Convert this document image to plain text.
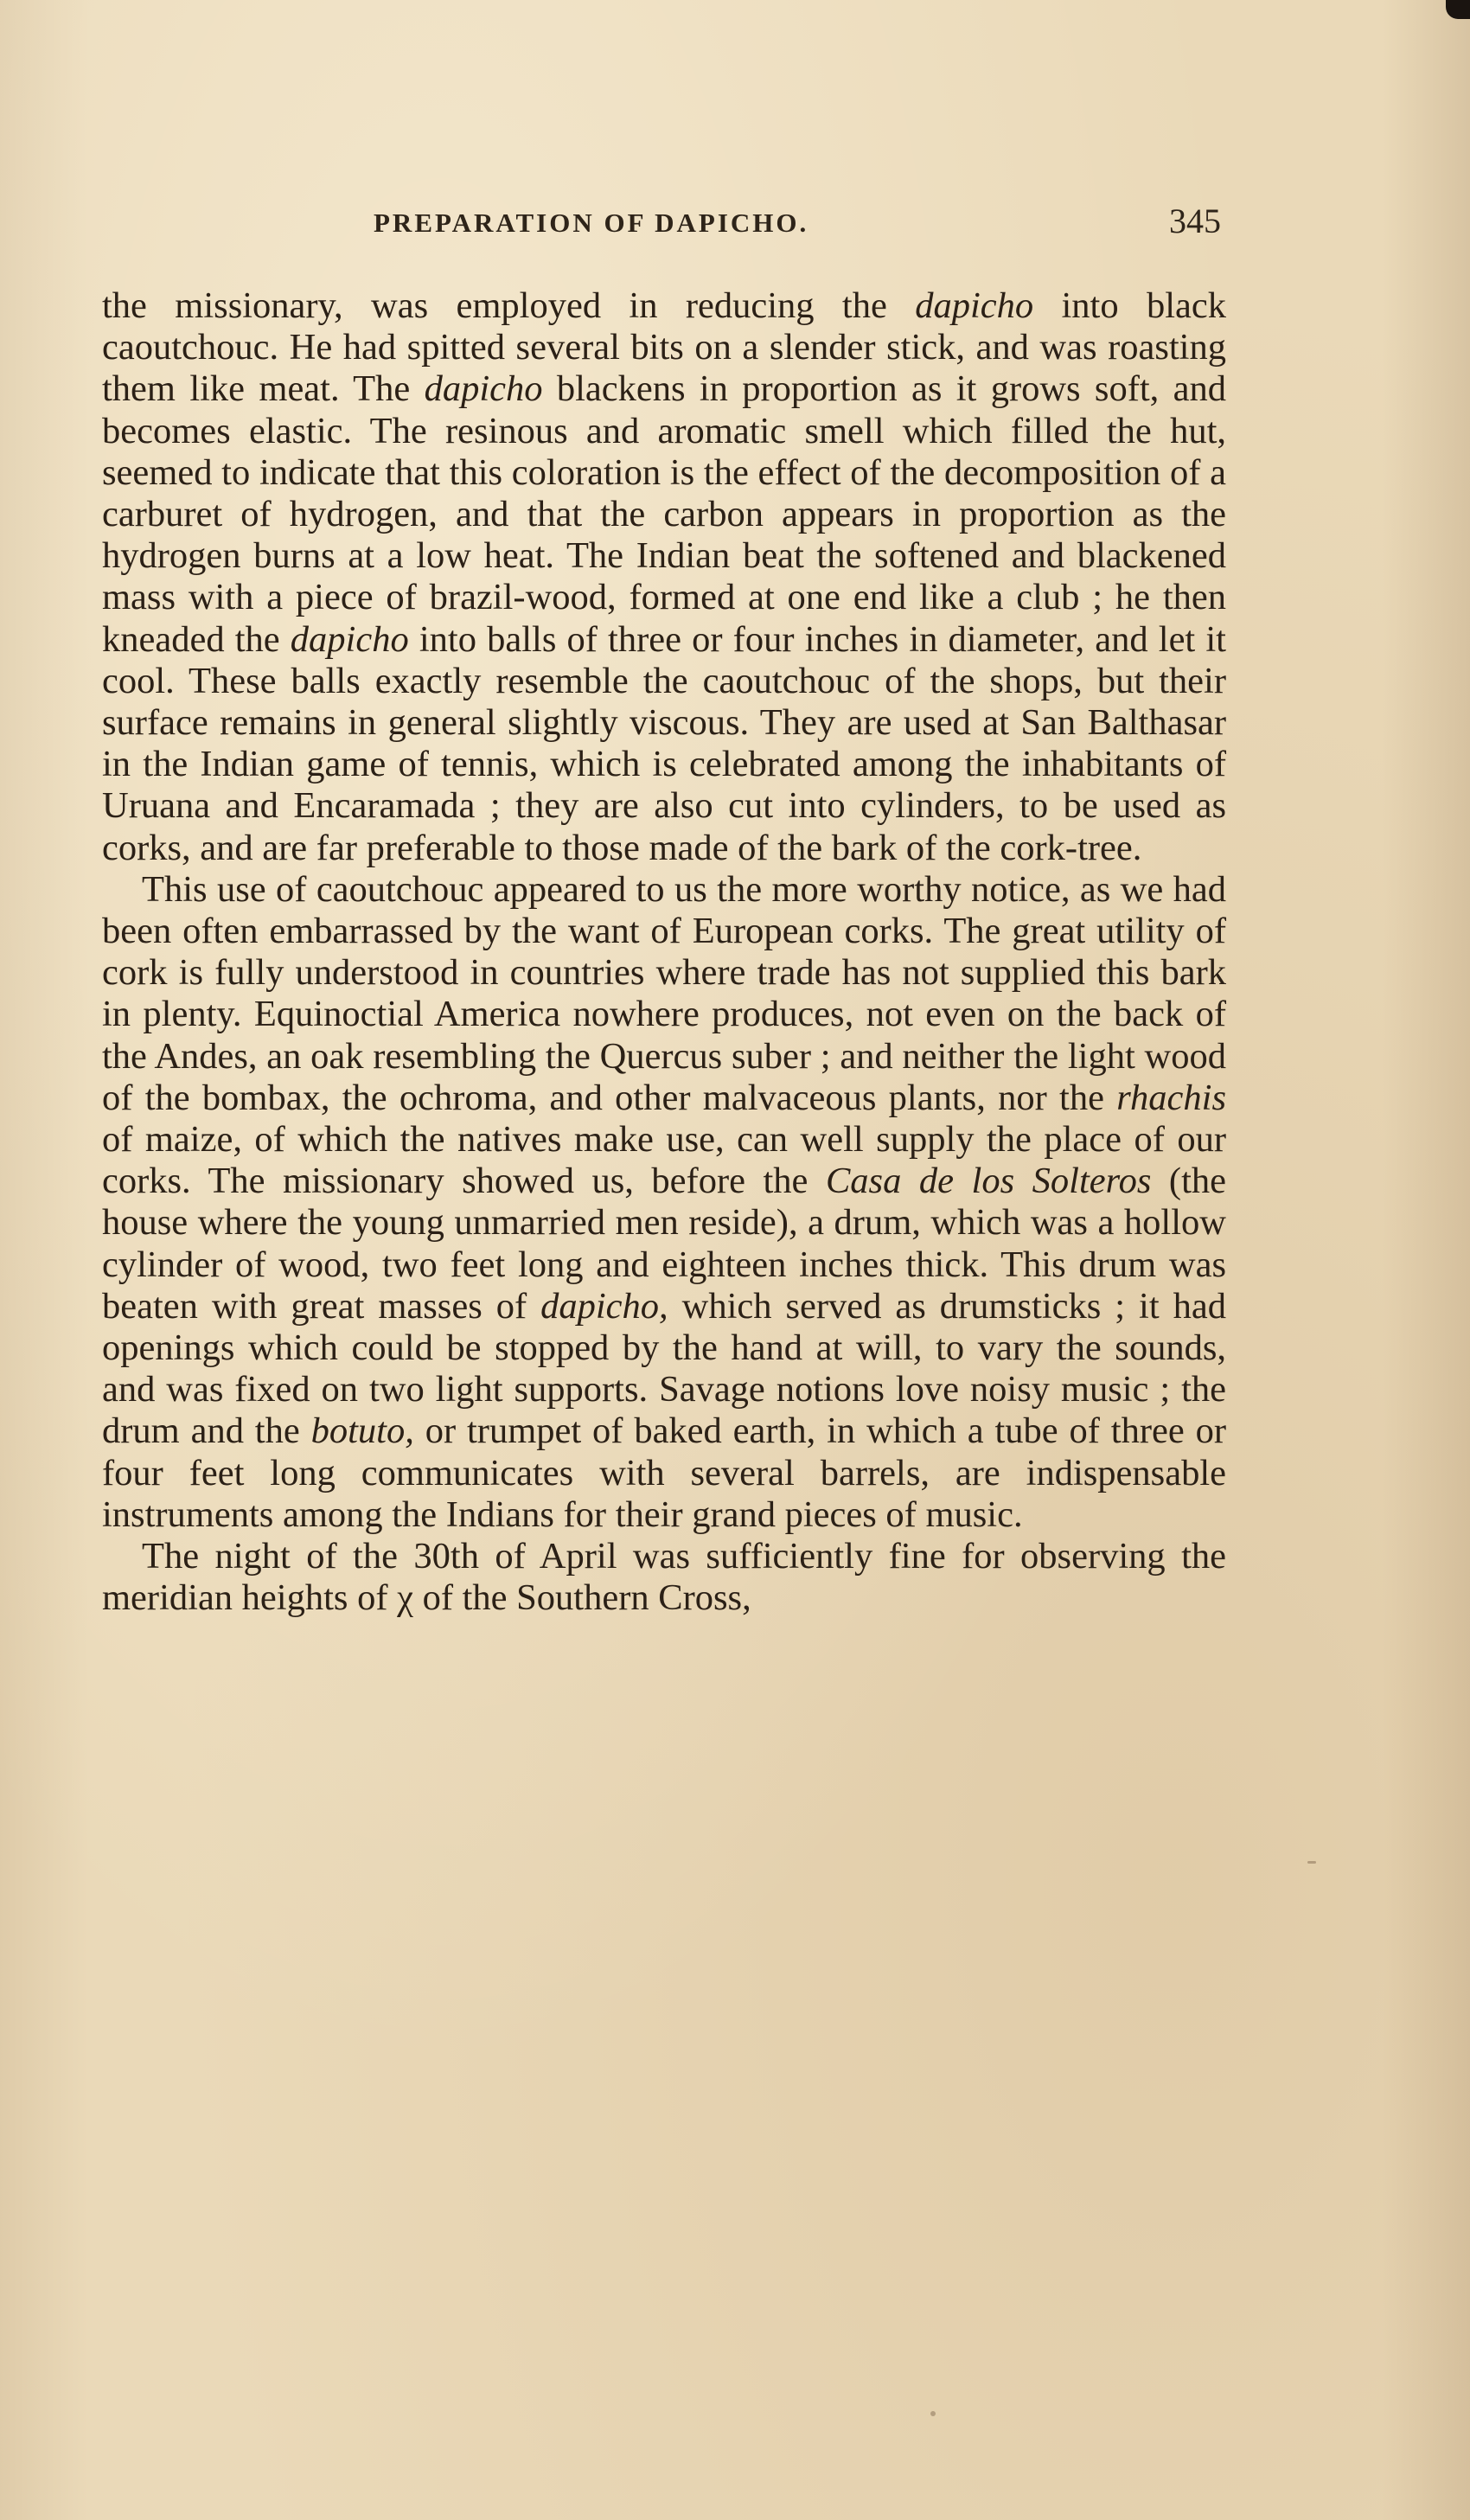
PREPARATION OF DAPICHO.	345

the missionary, was employed in reducing the dapicho into black caoutchouc. He had spitted several bits on a slender stick, and was roasting them like meat. The dapicho blackens in proportion as it grows soft, and becomes elastic. The resinous and aromatic smell which filled the hut, seemed to indicate that this coloration is the effect of the decomposition of a carburet of hydrogen, and that the carbon appears in proportion as the hydrogen burns at a low heat. The Indian beat the softened and blackened mass with a piece of brazil-wood, formed at one end like a club ; he then kneaded the dapicho into balls of three or four inches in diameter, and let it cool. These balls exactly resemble the caoutchouc of the shops, but their surface remains in general slightly viscous. They are used at San Balthasar in the Indian game of tennis, which is celebrated among the inhabitants of Uruana and Encaramada ; they are also cut into cylinders, to be used as corks, and are far preferable to those made of the bark of the cork-tree.

This use of caoutchouc appeared to us the more worthy notice, as we had been often embarrassed by the want of European corks. The great utility of cork is fully understood in countries where trade has not supplied this bark in plenty. Equinoctial America nowhere produces, not even on the back of the Andes, an oak resembling the Quercus suber ; and neither the light wood of the bombax, the ochroma, and other malvaceous plants, nor the rhachis of maize, of which the natives make use, can well supply the place of our corks. The missionary showed us, before the Casa de los Solteros (the house where the young unmarried men reside), a drum, which was a hollow cylinder of wood, two feet long and eighteen inches thick. This drum was beaten with great masses of dapicho, which served as drumsticks ; it had openings which could be stopped by the hand at will, to vary the sounds, and was fixed on two light supports. Savage notions love noisy music ; the drum and the botuto, or trumpet of baked earth, in which a tube of three or four feet long communicates with several barrels, are indispensable instruments among the Indians for their grand pieces of music.

The night of the 30th of April was sufficiently fine for observing the meridian heights of χ of the Southern Cross,
